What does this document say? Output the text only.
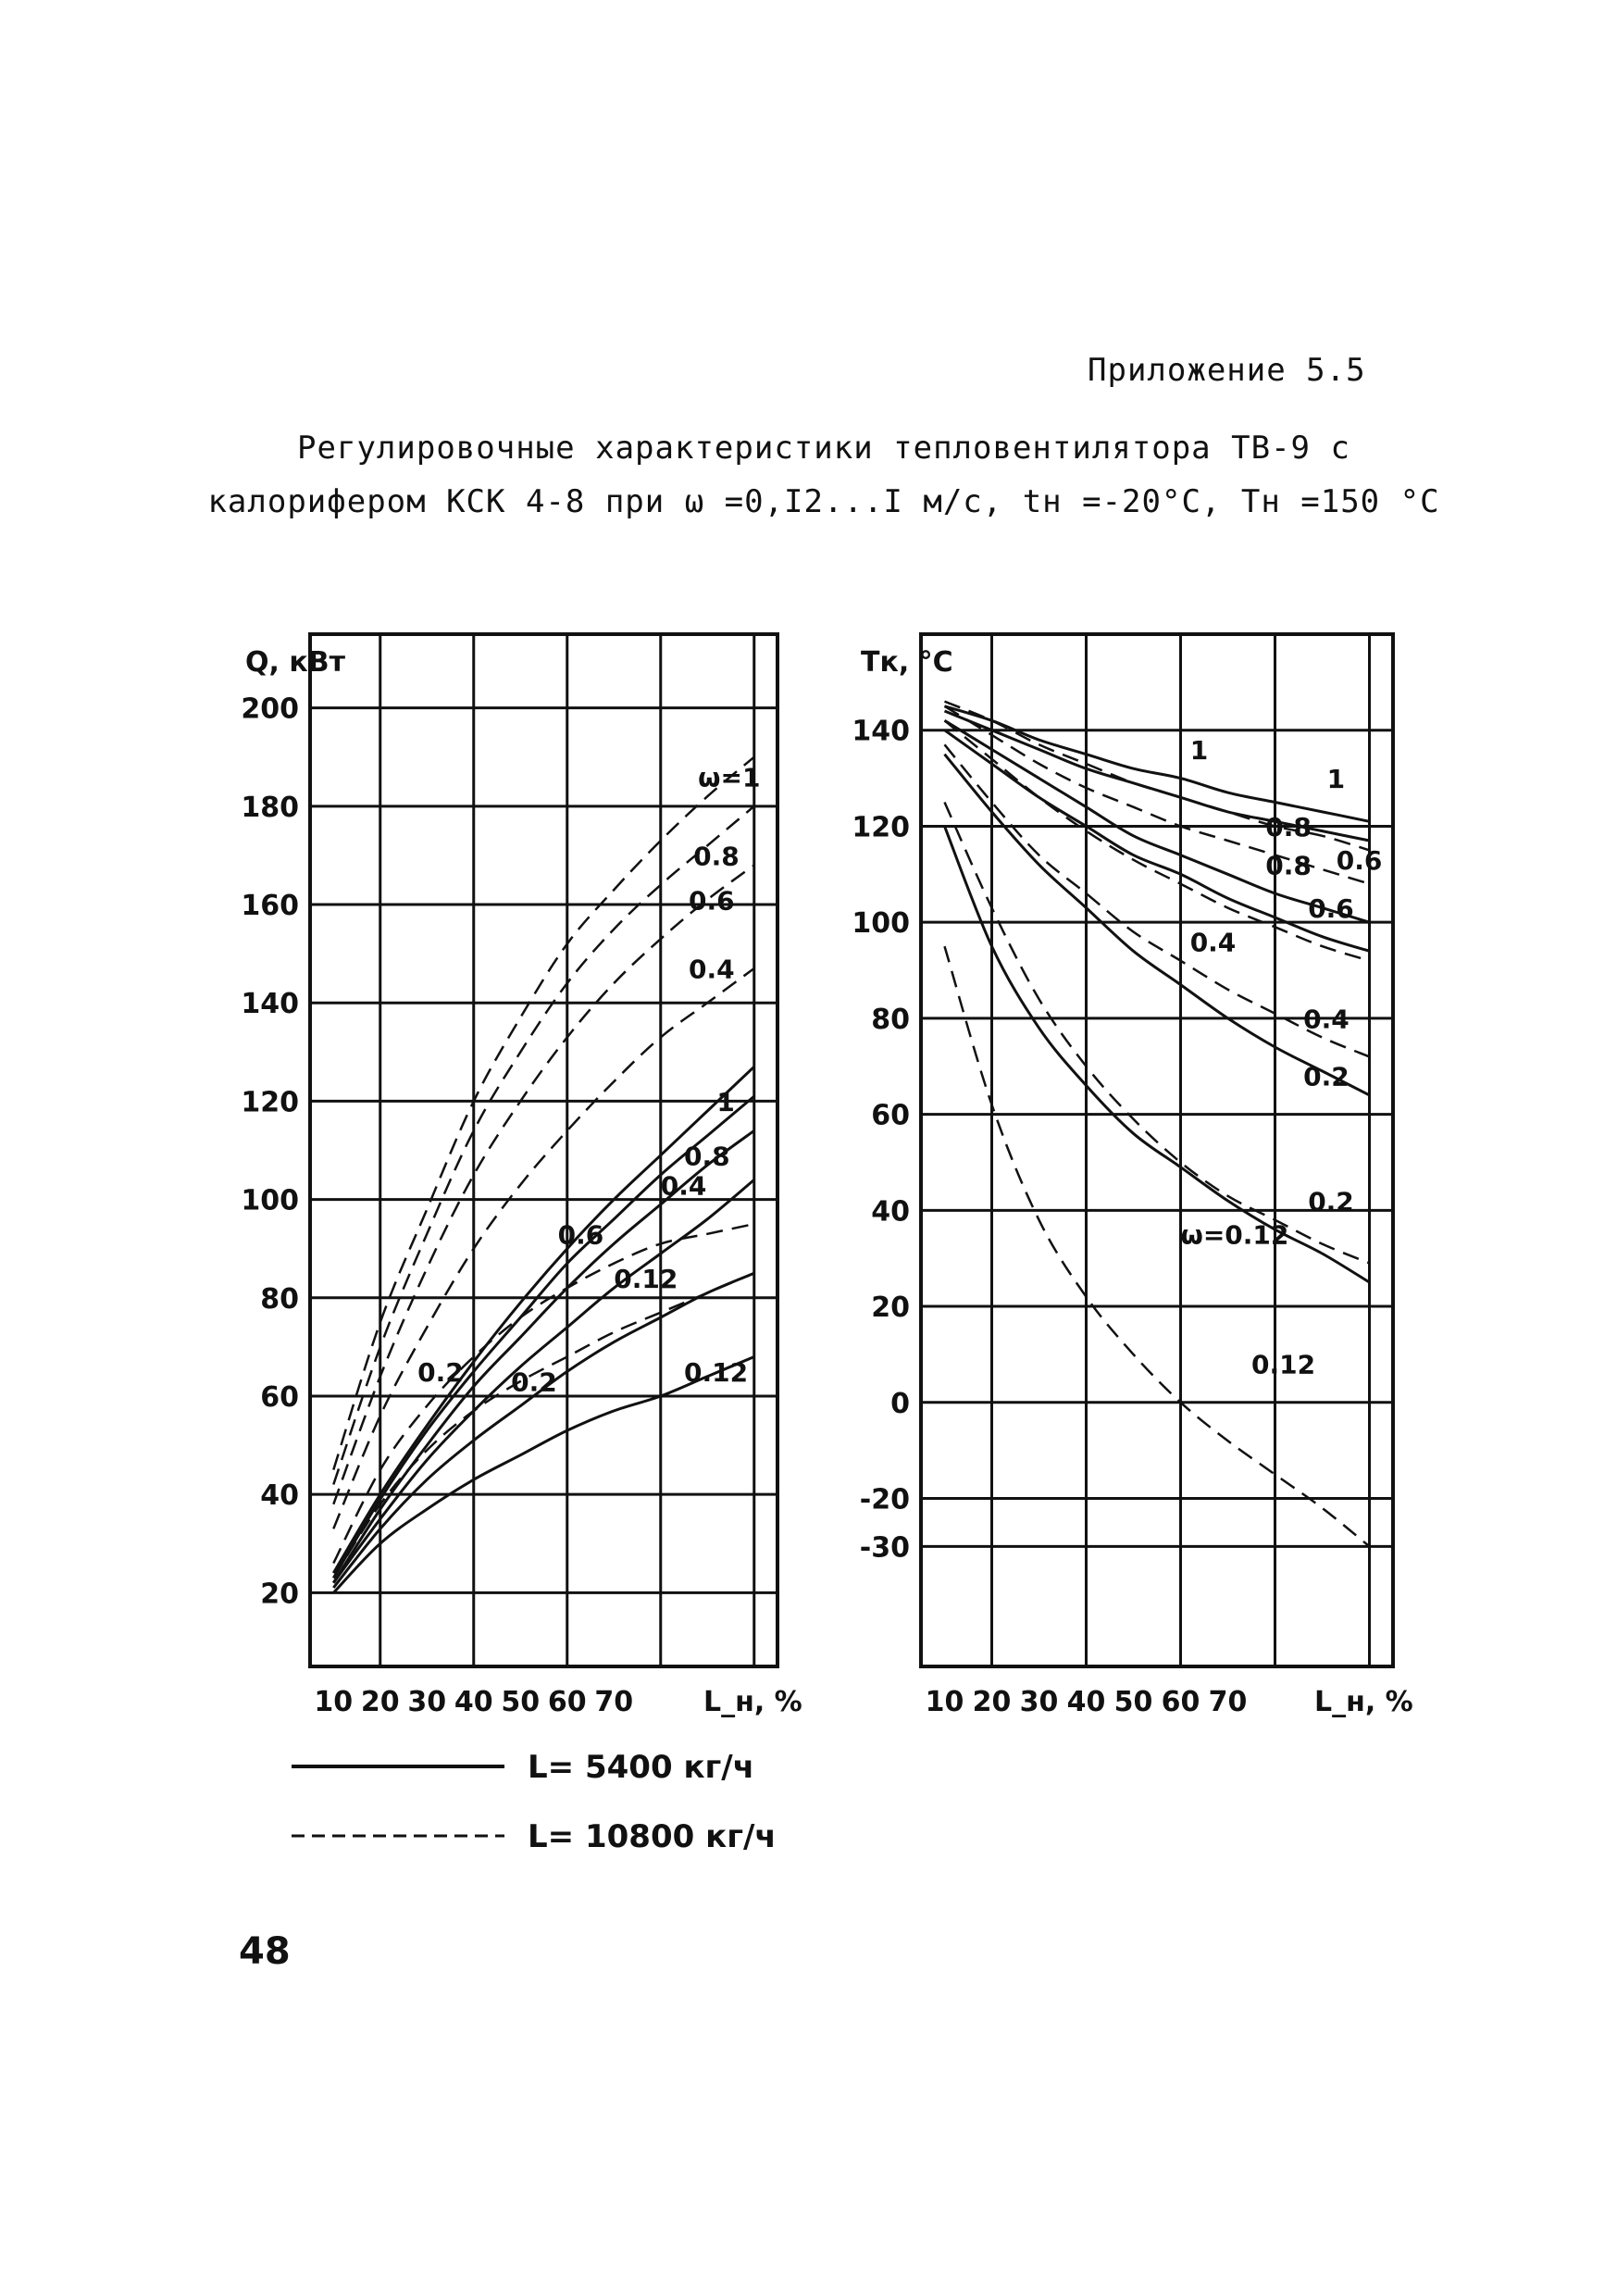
Приложение 5.5
Регулировочные характеристики тепловентилятора ТВ-9 с
калорифером КСК 4-8 при ω =0,I2...I м/с, tн =-20°С, Тн =150 °С
L= 5400 кг/ч
L= 10800 кг/ч
200
180
160
140
120
100
80
60
40
20
10 20 30 40 50 60 70
Q, кВт
L_н, %
1
0.8
0.6
0.4
0.2	0.12
ω=1
0.8
0.6
0.4
0.2
0.12
140
120
100
80
60
40
20
0
-20
-30
10 20 30 40 50 60 70
Тк, °С
L_н, %
1
0.8
0.6
0.4
0.2
ω=0.12
1
0.8
0.6
0.4
0.2
0.12
48
